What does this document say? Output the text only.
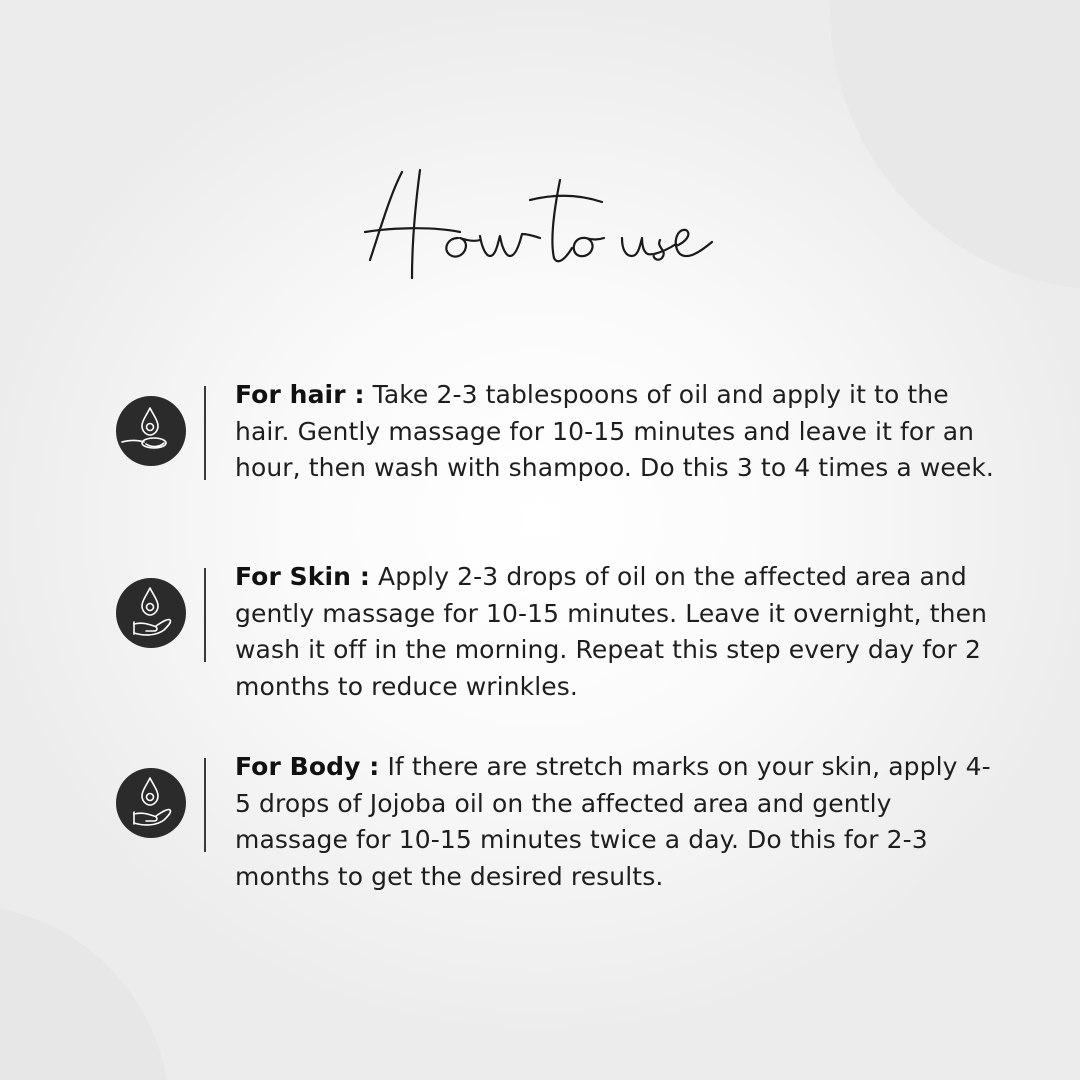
For hair : Take 2-3 tablespoons of oil and apply it to the hair. Gently massage for 10-15 minutes and leave it for an hour, then wash with shampoo. Do this 3 to 4 times a week.
For Skin : Apply 2-3 drops of oil on the affected area and gently massage for 10-15 minutes. Leave it overnight, then wash it off in the morning. Repeat this step every day for 2 months to reduce wrinkles.
For Body : If there are stretch marks on your skin, apply 4-5 drops of Jojoba oil on the affected area and gently massage for 10-15 minutes twice a day. Do this for 2-3 months to get the desired results.
